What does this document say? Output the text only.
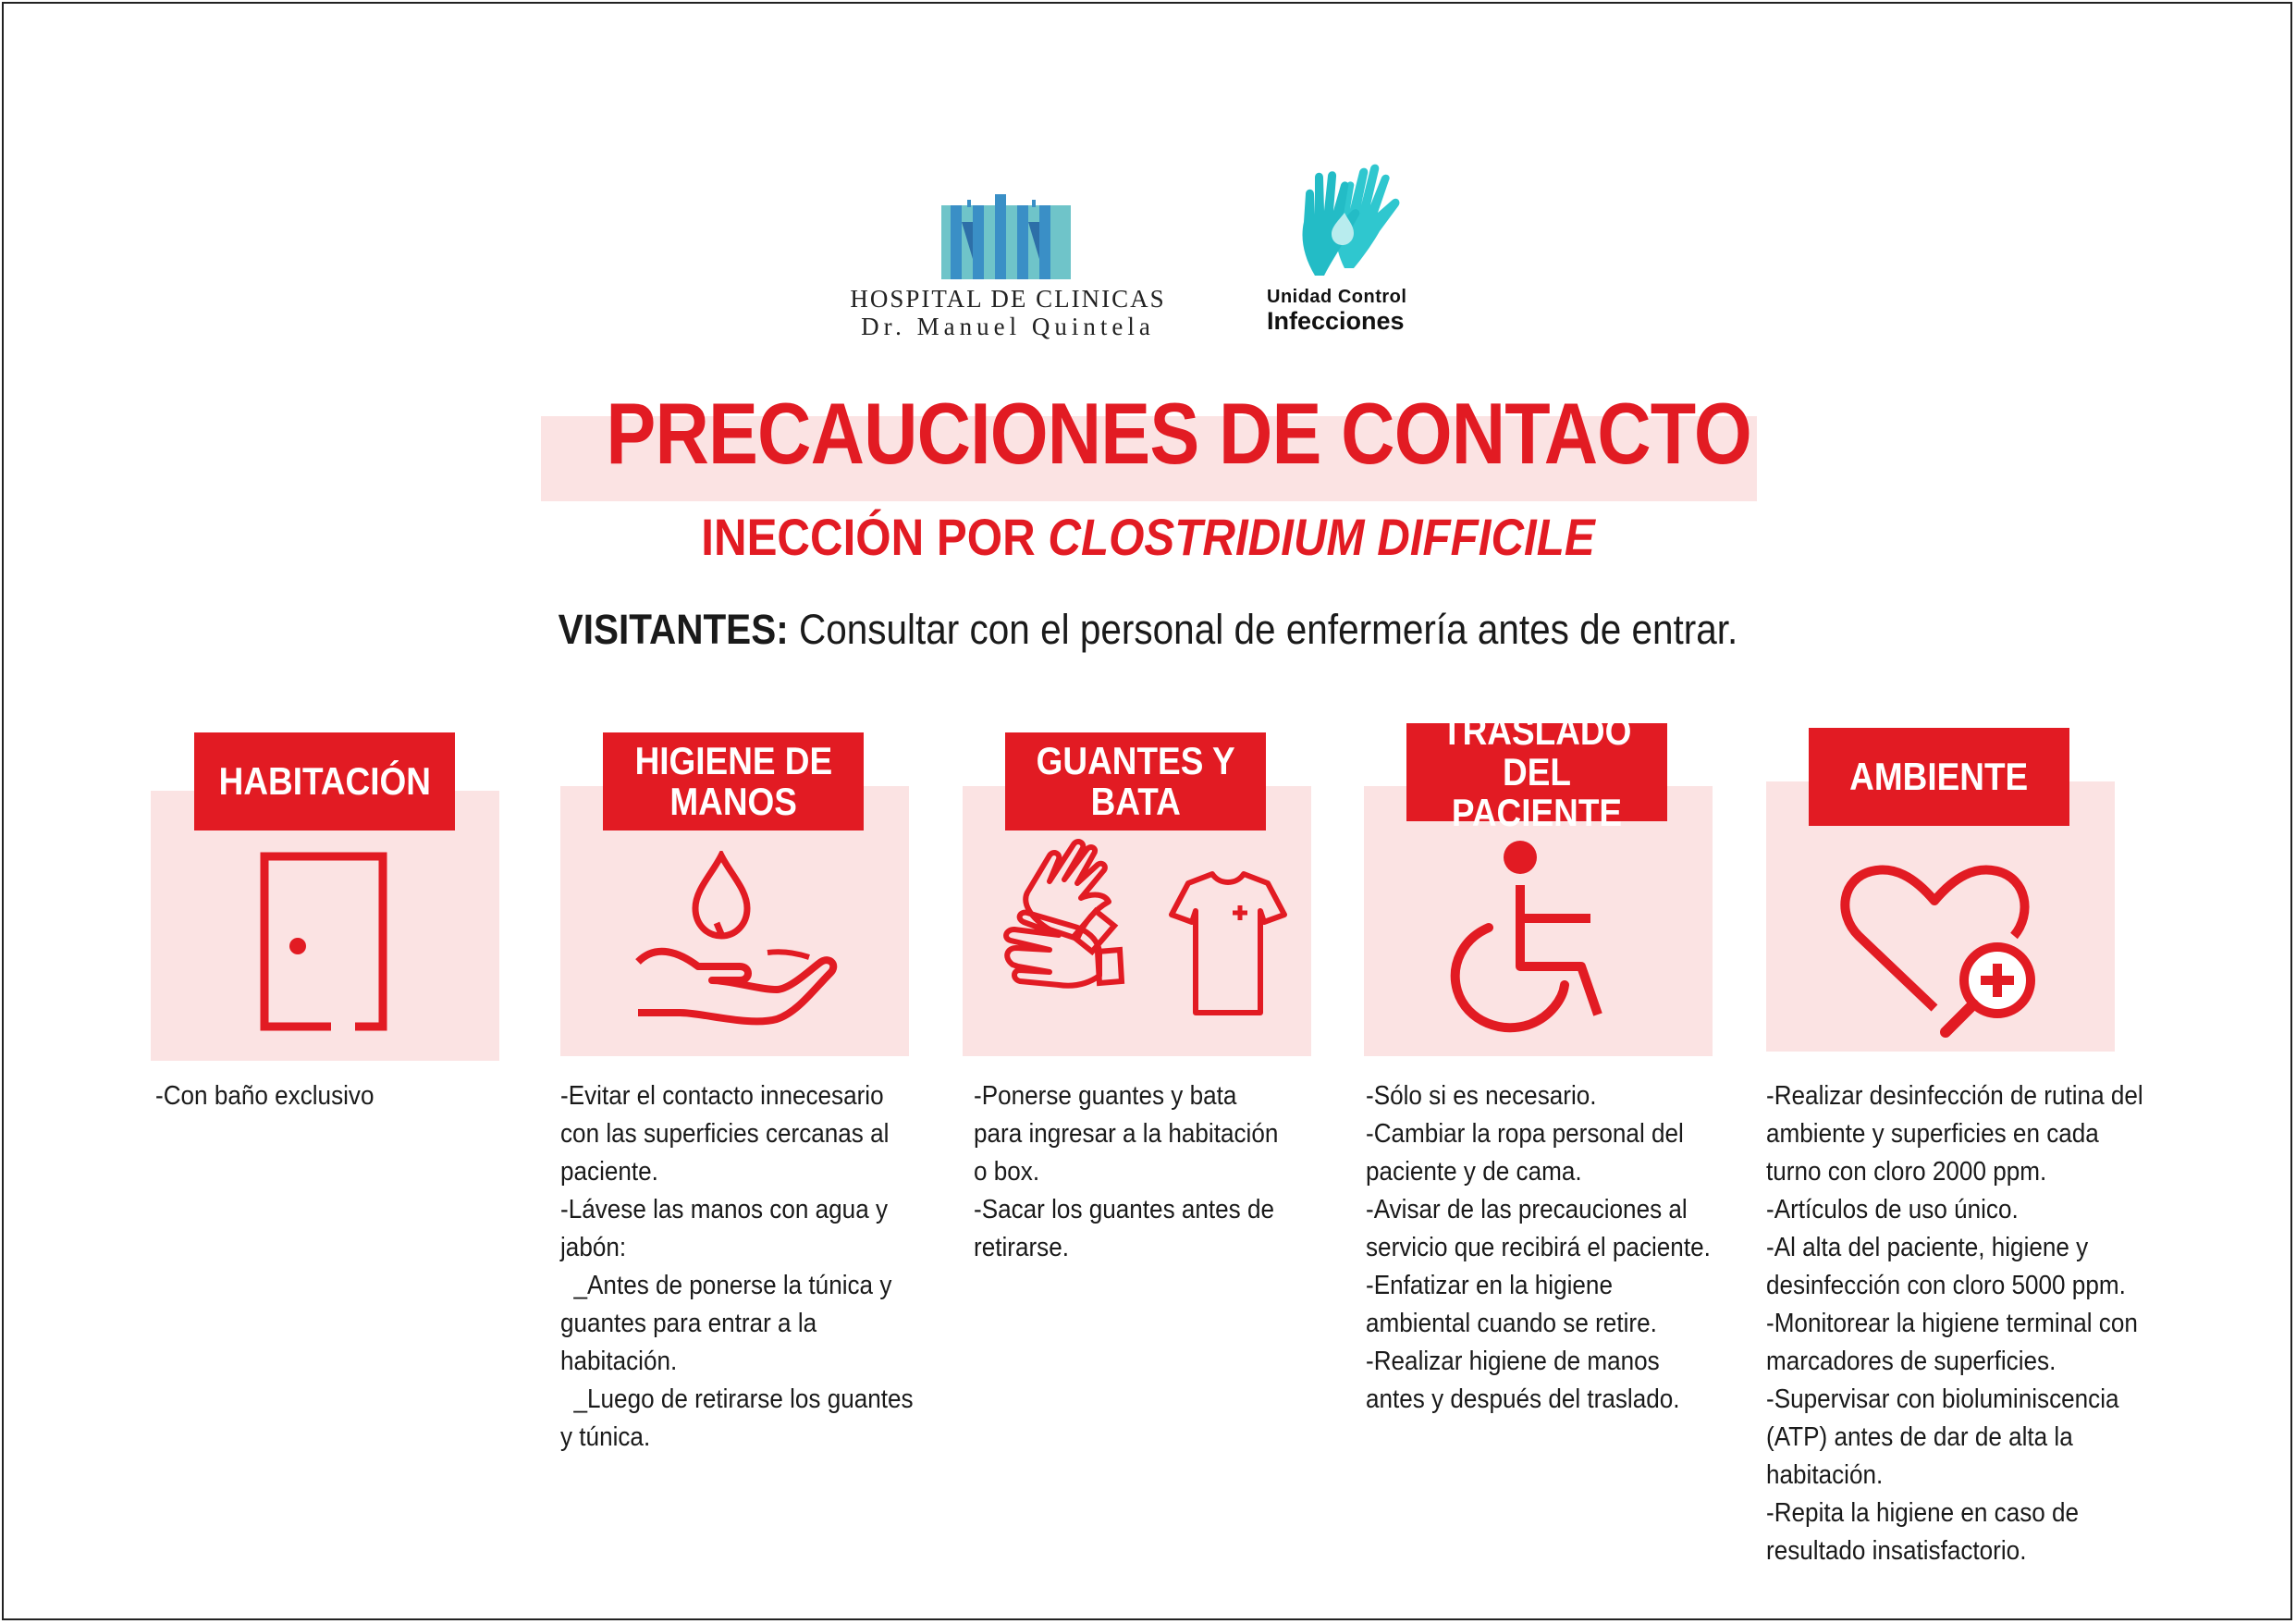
HOSPITAL DE CLINICAS
Dr. Manuel Quintela
Unidad Control
Infecciones
PRECAUCIONES DE CONTACTO
INECCIÓN POR CLOSTRIDIUM DIFFICILE
VISITANTES: Consultar con el personal de enfermería antes de entrar.
HABITACIÓN
-Con baño exclusivo
HIGIENE DE
MANOS
-Evitar el contacto innecesario
con las superficies cercanas al
paciente.
-Lávese las manos con agua y
jabón:
_Antes de ponerse la túnica y
guantes para entrar a la
habitación.
_Luego de retirarse los guantes
y túnica.
GUANTES Y
BATA
-Ponerse guantes y bata
para ingresar a la habitación
o box.
-Sacar los guantes antes de
retirarse.
TRASLADO
DEL PACIENTE
-Sólo si es necesario.
-Cambiar la ropa personal del
paciente y de cama.
-Avisar de las precauciones al
servicio que recibirá el paciente.
-Enfatizar en la higiene
ambiental cuando se retire.
-Realizar higiene de manos
antes y después del traslado.
AMBIENTE
-Realizar desinfección de rutina del
ambiente y superficies en cada
turno con cloro 2000 ppm.
-Artículos de uso único.
-Al alta del paciente, higiene y
desinfección con cloro 5000 ppm.
-Monitorear la higiene terminal con
marcadores de superficies.
-Supervisar con bioluminiscencia
(ATP) antes de dar de alta la
habitación.
-Repita la higiene en caso de
resultado insatisfactorio.
